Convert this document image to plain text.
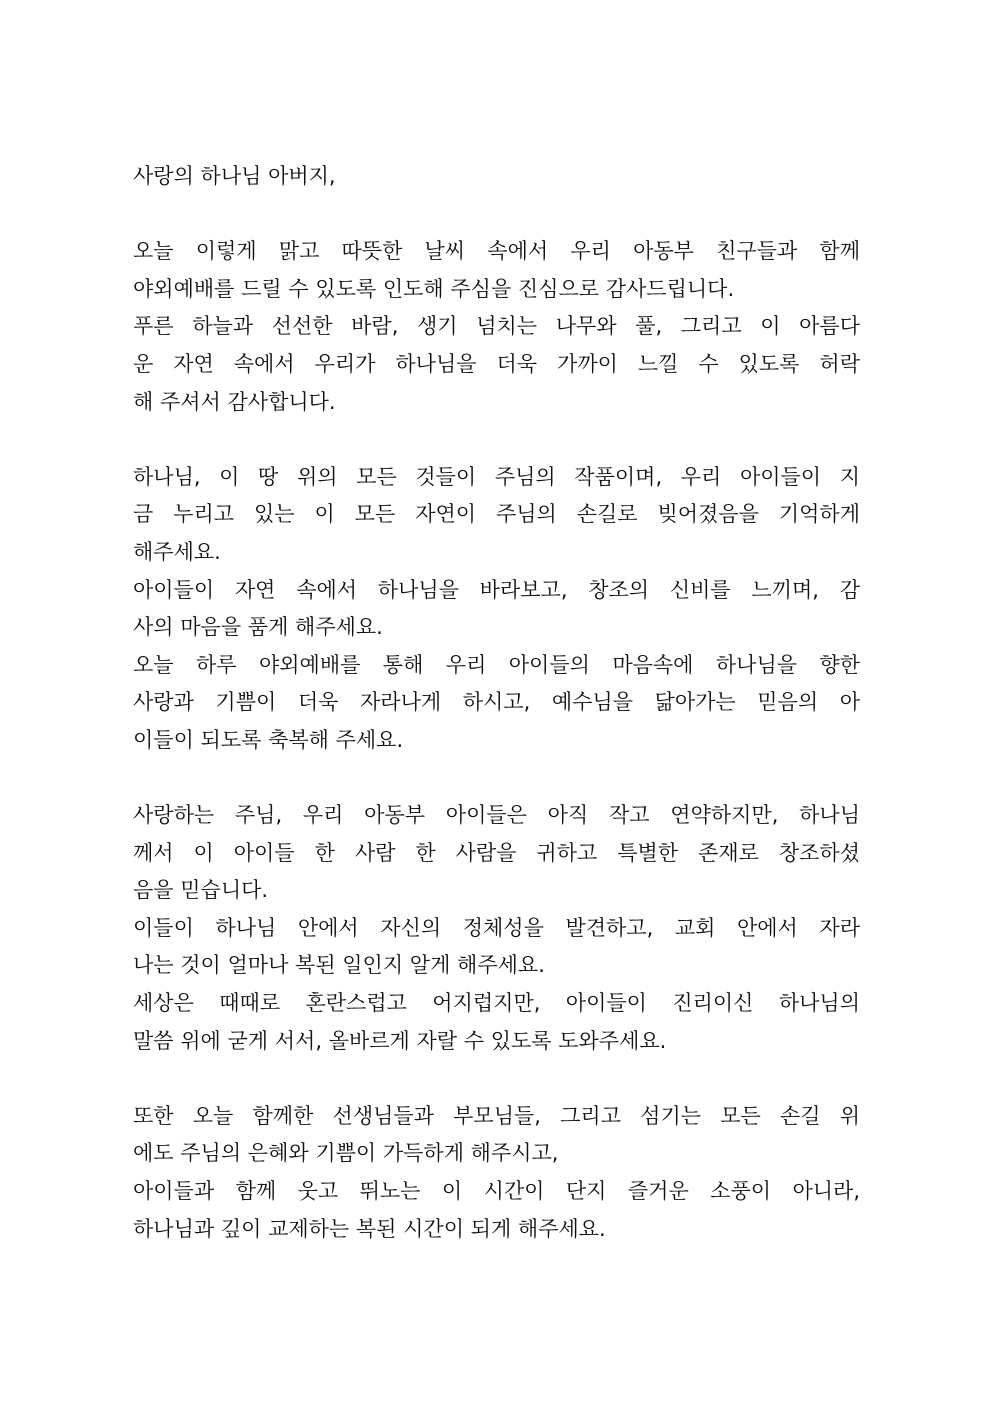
사랑의 하나님 아버지,
오늘 이렇게 맑고 따뜻한 날씨 속에서 우리 아동부 친구들과 함께
야외예배를 드릴 수 있도록 인도해 주심을 진심으로 감사드립니다.
푸른 하늘과 선선한 바람, 생기 넘치는 나무와 풀, 그리고 이 아름다
운 자연 속에서 우리가 하나님을 더욱 가까이 느낄 수 있도록 허락
해 주셔서 감사합니다.
하나님, 이 땅 위의 모든 것들이 주님의 작품이며, 우리 아이들이 지
금 누리고 있는 이 모든 자연이 주님의 손길로 빚어졌음을 기억하게
해주세요.
아이들이 자연 속에서 하나님을 바라보고, 창조의 신비를 느끼며, 감
사의 마음을 품게 해주세요.
오늘 하루 야외예배를 통해 우리 아이들의 마음속에 하나님을 향한
사랑과 기쁨이 더욱 자라나게 하시고, 예수님을 닮아가는 믿음의 아
이들이 되도록 축복해 주세요.
사랑하는 주님, 우리 아동부 아이들은 아직 작고 연약하지만, 하나님
께서 이 아이들 한 사람 한 사람을 귀하고 특별한 존재로 창조하셨
음을 믿습니다.
이들이 하나님 안에서 자신의 정체성을 발견하고, 교회 안에서 자라
나는 것이 얼마나 복된 일인지 알게 해주세요.
세상은 때때로 혼란스럽고 어지럽지만, 아이들이 진리이신 하나님의
말씀 위에 굳게 서서, 올바르게 자랄 수 있도록 도와주세요.
또한 오늘 함께한 선생님들과 부모님들, 그리고 섬기는 모든 손길 위
에도 주님의 은혜와 기쁨이 가득하게 해주시고,
아이들과 함께 웃고 뛰노는 이 시간이 단지 즐거운 소풍이 아니라,
하나님과 깊이 교제하는 복된 시간이 되게 해주세요.
